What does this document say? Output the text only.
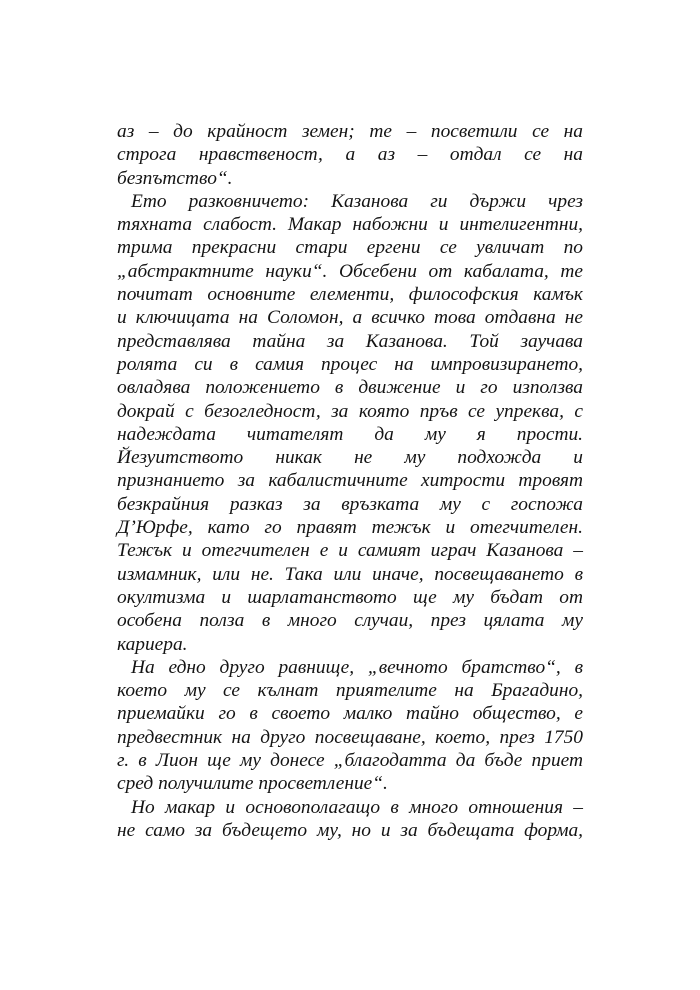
аз – до крайност земен; те – посветили се на
строга нравственост, а аз – отдал се на
безпътство“.
Ето разковничето: Казанова ги държи чрез
тяхната слабост. Макар набожни и интелигентни,
трима прекрасни стари ергени се увличат по
„абстрактните науки“. Обсебени от кабалата, те
почитат основните елементи, философския камък
и ключицата на Соломон, а всичко това отдавна не
представлява тайна за Казанова. Той заучава
ролята си в самия процес на импровизирането,
овладява положението в движение и го използва
докрай с безогледност, за която пръв се упреква, с
надеждата читателят да му я прости.
Йезуитството никак не му подхожда и
признанието за кабалистичните хитрости тровят
безкрайния разказ за връзката му с госпожа
Д’Юрфе, като го правят тежък и отегчителен.
Тежък и отегчителен е и самият играч Казанова –
измамник, или не. Така или иначе, посвещаването в
окултизма и шарлатанството ще му бъдат от
особена полза в много случаи, през цялата му
кариера.
На едно друго равнище, „вечното братство“, в
което му се кълнат приятелите на Брагадино,
приемайки го в своето малко тайно общество, е
предвестник на друго посвещаване, което, през 1750
г. в Лион ще му донесе „благодатта да бъде приет
сред получилите просветление“.
Но макар и основополагащо в много отношения –
не само за бъдещето му, но и за бъдещата форма,
